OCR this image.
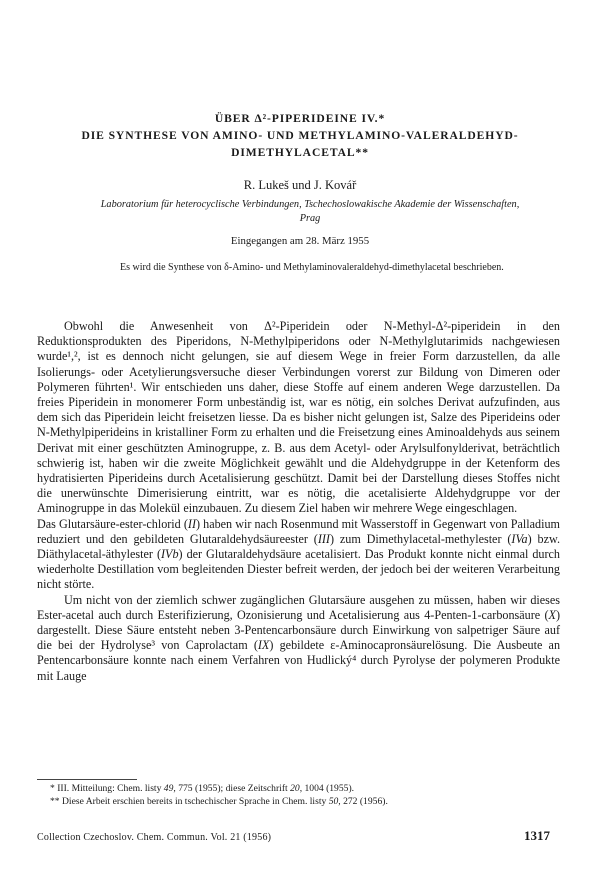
ÜBER Δ²-PIPERIDEINE IV.*
DIE SYNTHESE VON AMINO- UND METHYLAMINO-VALERALDEHYD-
DIMETHYLACETAL**
R. Lukeš und J. Kovář
Laboratorium für heterocyclische Verbindungen, Tschechoslowakische Akademie der Wissenschaften,
Prag
Eingegangen am 28. März 1955
Es wird die Synthese von δ-Amino- und Methylaminovaleraldehyd-dimethylacetal beschrieben.

Obwohl die Anwesenheit von Δ²-Piperidein oder N-Methyl-Δ²-piperidein in den Reduktionsprodukten des Piperidons, N-Methylpiperidons oder N-Methylglutarimids nachgewiesen wurde¹,², ist es dennoch nicht gelungen, sie auf diesem Wege in freier Form darzustellen, da alle Isolierungs- oder Acetylierungsversuche dieser Verbindungen vorerst zur Bildung von Dimeren oder Polymeren führten¹. Wir entschieden uns daher, diese Stoffe auf einem anderen Wege darzustellen. Da freies Piperidein in monomerer Form unbeständig ist, war es nötig, ein solches Derivat aufzufinden, aus dem sich das Piperidein leicht freisetzen liesse. Da es bisher nicht gelungen ist, Salze des Piperideins oder N-Methylpiperideins in kristalliner Form zu erhalten und die Freisetzung eines Aminoaldehyds aus seinem Derivat mit einer geschützten Aminogruppe, z. B. aus dem Acetyl- oder Arylsulfonylderivat, beträchtlich schwierig ist, haben wir die zweite Möglichkeit gewählt und die Aldehydgruppe in der Ketenform des hydratisierten Piperideins durch Acetalisierung geschützt. Damit bei der Darstellung dieses Stoffes nicht die unerwünschte Dimerisierung eintritt, war es nötig, die acetalisierte Aldehydgruppe vor der Aminogruppe in das Molekül einzubauen. Zu diesem Ziel haben wir mehrere Wege eingeschlagen.

Das Glutarsäure-ester-chlorid (II) haben wir nach Rosenmund mit Wasserstoff in Gegenwart von Palladium reduziert und den gebildeten Glutaraldehydsäureester (III) zum Dimethylacetal-methylester (IVa) bzw. Diäthylacetal-äthylester (IVb) der Glutaraldehydsäure acetalisiert. Das Produkt konnte nicht einmal durch wiederholte Destillation vom begleitenden Diester befreit werden, der jedoch bei der weiteren Verarbeitung nicht störte.

Um nicht von der ziemlich schwer zugänglichen Glutarsäure ausgehen zu müssen, haben wir dieses Ester-acetal auch durch Esterifizierung, Ozonisierung und Acetalisierung aus 4-Penten-1-carbonsäure (X) dargestellt. Diese Säure entsteht neben 3-Pentencarbonsäure durch Einwirkung von salpetriger Säure auf die bei der Hydrolyse³ von Caprolactam (IX) gebildete ε-Aminocapronsäurelösung. Die Ausbeute an Pentencarbonsäure konnte nach einem Verfahren von Hudlický⁴ durch Pyrolyse der polymeren Produkte mit Lauge

* III. Mitteilung: Chem. listy 49, 775 (1955); diese Zeitschrift 20, 1004 (1955).
** Diese Arbeit erschien bereits in tschechischer Sprache in Chem. listy 50, 272 (1956).
Collection Czechoslov. Chem. Commun. Vol. 21 (1956)	1317
